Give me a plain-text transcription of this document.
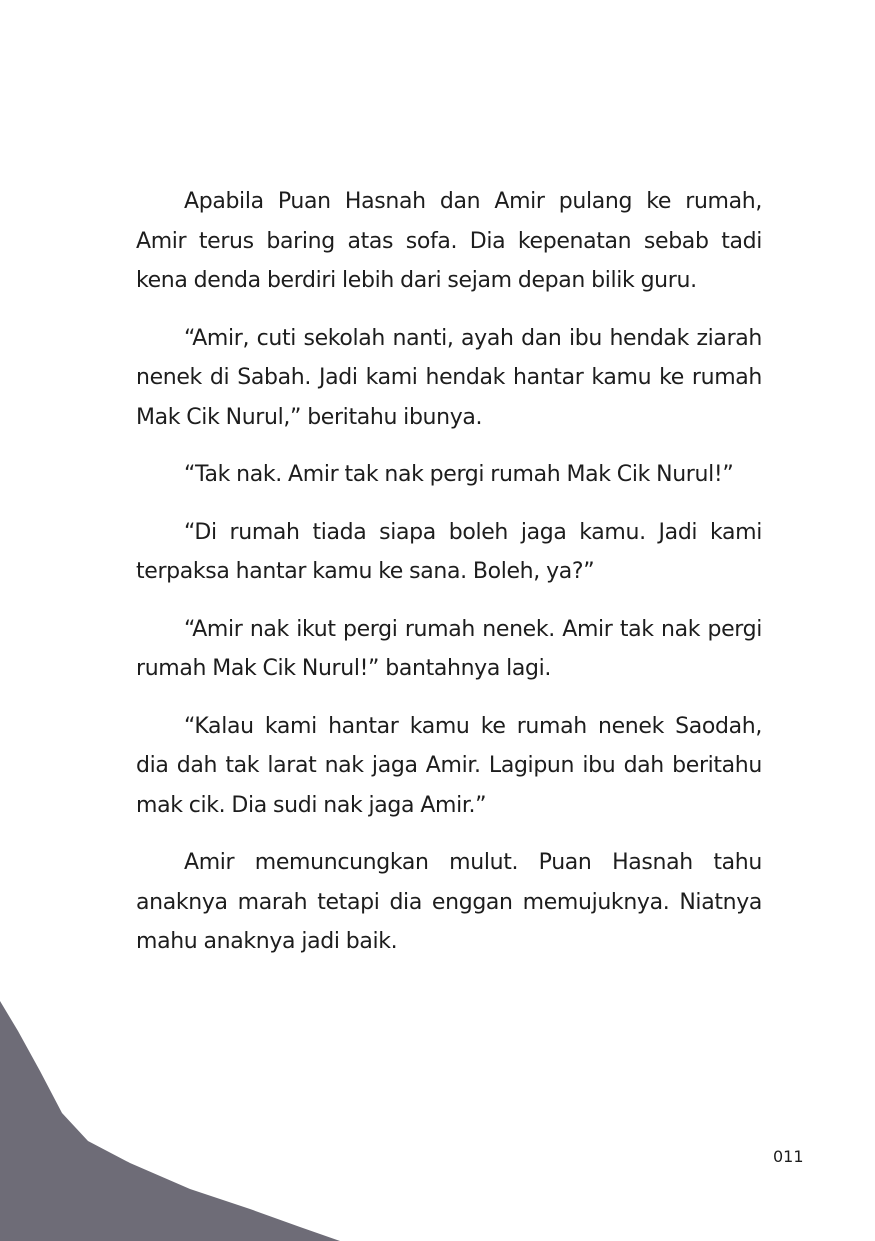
Apabila Puan Hasnah dan Amir pulang ke rumah, Amir terus baring atas sofa. Dia kepenatan sebab tadi kena denda berdiri lebih dari sejam depan bilik guru.

“Amir, cuti sekolah nanti, ayah dan ibu hendak ziarah nenek di Sabah. Jadi kami hendak hantar kamu ke rumah Mak Cik Nurul,” beritahu ibunya.

“Tak nak. Amir tak nak pergi rumah Mak Cik Nurul!”

“Di rumah tiada siapa boleh jaga kamu. Jadi kami terpaksa hantar kamu ke sana. Boleh, ya?”

“Amir nak ikut pergi rumah nenek. Amir tak nak pergi rumah Mak Cik Nurul!” bantahnya lagi.

“Kalau kami hantar kamu ke rumah nenek Saodah, dia dah tak larat nak jaga Amir. Lagipun ibu dah beritahu mak cik. Dia sudi nak jaga Amir.”

Amir memuncungkan mulut. Puan Hasnah tahu anaknya marah tetapi dia enggan memujuknya. Niatnya mahu anaknya jadi baik.

011
